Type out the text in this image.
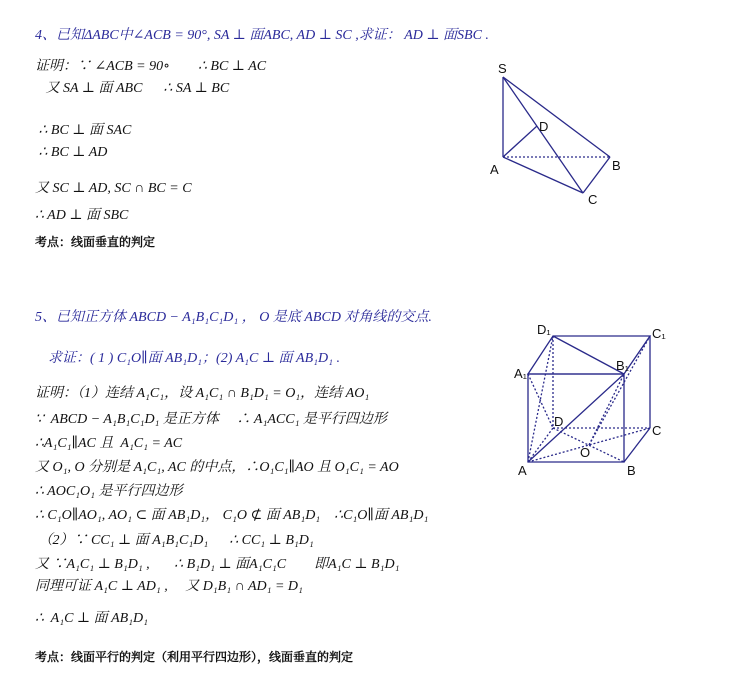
4、已知ΔABC中∠ACB = 90°, SA ⊥ 面ABC, AD ⊥ SC ,求证： AD ⊥ 面SBC .
证明：∵ ∠ACB = 90∘        ∴ BC ⊥ AC
又 SA ⊥ 面 ABC      ∴ SA ⊥ BC
∴ BC ⊥ 面 SAC
∴ BC ⊥ AD
又 SC ⊥ AD, SC ∩ BC = C
∴ AD ⊥ 面 SBC
考点：线面垂直的判定
5、已知正方体 ABCD − A₁B₁C₁D₁ ， O 是底 ABCD 对角线的交点.
求证：( 1 ) C₁O∥面 AB₁D₁；(2) A₁C ⊥ 面 AB₁D₁ .
证明：（1）连结 A₁C₁，设 A₁C₁ ∩ B₁D₁ = O₁，连结 AO₁
∵  ABCD − A₁B₁C₁D₁ 是正方体     ∴ A₁ACC₁ 是平行四边形
∴A₁C₁∥AC 且  A₁C₁ = AC
又 O₁, O 分别是 A₁C₁, AC 的中点，∴O₁C₁∥AO 且 O₁C₁ = AO
∴ AOC₁O₁ 是平行四边形
∴ C₁O∥AO₁, AO₁ ⊂ 面 AB₁D₁， C₁O ⊄ 面 AB₁D₁    ∴C₁O∥面 AB₁D₁
（2）∵ CC₁ ⊥ 面 A₁B₁C₁D₁      ∴ CC₁ ⊥ B₁D₁
又 ∵A₁C₁ ⊥ B₁D₁ ,       ∴ B₁D₁ ⊥ 面A₁C₁C        即A₁C ⊥ B₁D₁
同理可证 A₁C ⊥ AD₁ ,     又 D₁B₁ ∩ AD₁ = D₁
∴  A₁C ⊥ 面 AB₁D₁
考点：线面平行的判定（利用平行四边形），线面垂直的判定
S
A	B
C
D
D₁	C₁
A₁
B₁
D
C
O
A	B
